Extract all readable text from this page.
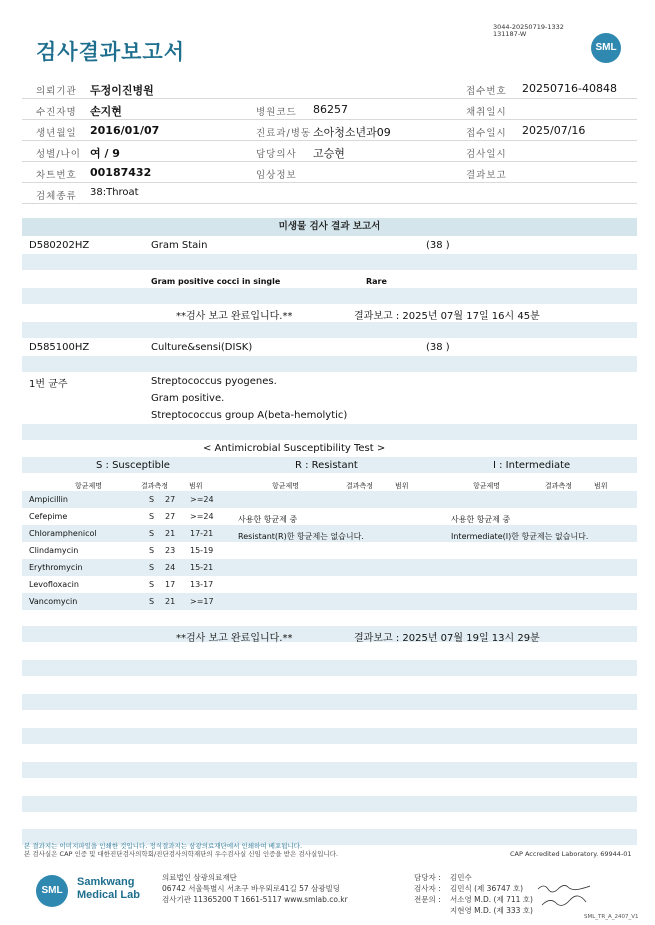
검사결과보고서
3044-20250719-1332
131187-W
SML
의뢰기관 두정이진병원	접수번호 20250716-40848
수진자명 손지현	병원코드 86257	채취일시
생년월일 2016/01/07	진료과/병동 소아청소년과09	접수일시 2025/07/16
성별/나이 여 / 9	담당의사 고승현	검사일시
차트번호 00187432	임상정보	결과보고
검체종류 38:Throat
미생물 검사 결과 보고서
D580202HZ	Gram Stain	(38 )
Gram positive cocci in single	Rare
**검사 보고 완료입니다.**	결과보고 : 2025년 07월 17일 16시 45분
D585100HZ	Culture&sensi(DISK)	(38 )
1번 균주	Streptococcus pyogenes.
Gram positive.
Streptococcus group A(beta-hemolytic)
< Antimicrobial Susceptibility Test >
S : Susceptible	R : Resistant	I : Intermediate
항균제명	결과측정	범위	항균제명	결과측정	범위	항균제명	결과측정	범위
Ampicillin	S 27 >=24
Cefepime	S 27 >=24
Chloramphenicol	S 21 17-21
Clindamycin	S 23 15-19
Erythromycin	S 24 15-21
Levofloxacin	S 17 13-17
Vancomycin	S 21 >=17
사용한 항균제 중
Resistant(R)한 항균제는 없습니다.
사용한 항균제 중
Intermediate(I)한 항균제는 없습니다.
**검사 보고 완료입니다.**	결과보고 : 2025년 07월 19일 13시 29분
본 결과지는 이미지파일을 인쇄한 것입니다. 정식결과지는 삼광의료재단에서 인쇄하여 배포됩니다.
본 검사실은 CAP 인증 및 대한진단검사의학회/진단검사의학재단의 우수검사실 신임 인증을 받은 검사실입니다.	CAP Accredited Laboratory. 69944-01
SML
Samkwang
Medical Lab
의료법인 삼광의료재단
06742 서울특별시 서초구 바우뫼로41길 57 삼광빌딩
검사기관 11365200 T 1661-5117 www.smlab.co.kr
담당자 :
검사자 :
전문의 :
김민수
김민식 (제 36747 호)
서소영 M.D. (제 711 호)
지현영 M.D. (제 333 호)
SML_TR_A_2407_V1
